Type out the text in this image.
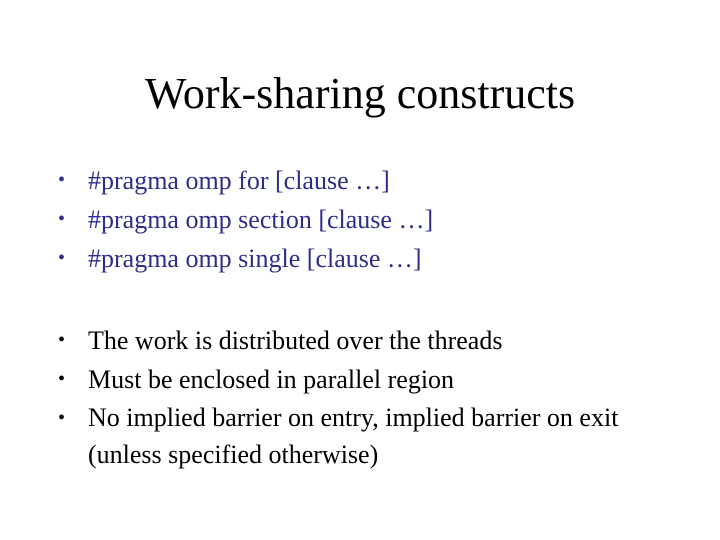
Work-sharing constructs
• #pragma omp for [clause …]
• #pragma omp section [clause …]
• #pragma omp single [clause …]
• The work is distributed over the threads
• Must be enclosed in parallel region
• No implied barrier on entry, implied barrier on exit (unless specified otherwise)
